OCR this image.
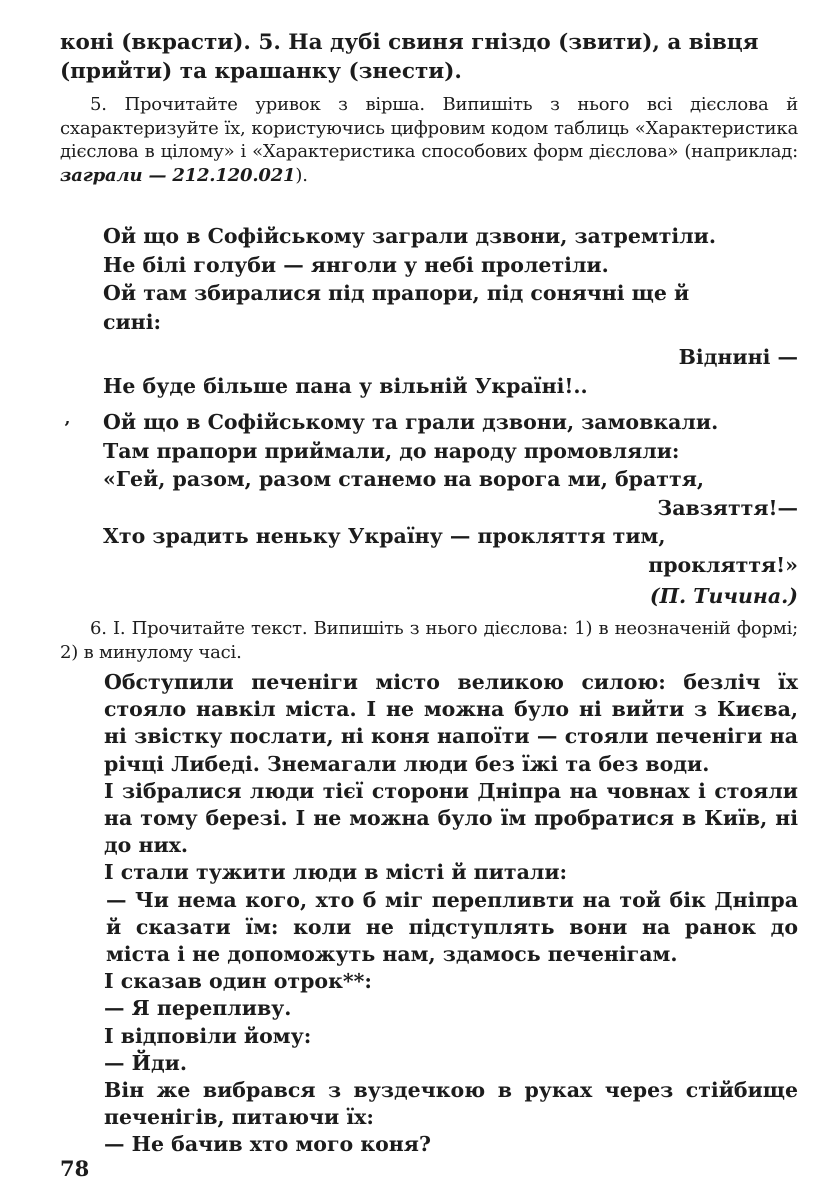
коні (вкрасти). 5. На дубі свиня гніздо (звити), а вівця
(прийти) та крашанку (знести).

5. Прочитайте уривок з вірша. Випишіть з нього всі дієслова й схарактеризуйте їх, користуючись цифровим кодом таблиць «Характеристика дієслова в цілому» і «Характеристика способових форм дієслова» (наприклад: заграли — 212.120.021).

Ой що в Софійському заграли дзвони, затремтіли.
Не білі голуби — янголи у небі пролетіли.
Ой там збиралися під прапори, під сонячні ще й
сині:
Віднині —
Не буде більше пана у вільній Україні!..
’ Ой що в Софійському та грали дзвони, замовкали.
Там прапори приймали, до народу промовляли:
«Гей, разом, разом станемо на ворога ми, браття,
Завзяття!—
Хто зрадить неньку Україну — прокляття тим,
прокляття!»
(П. Тичина.)

6. І. Прочитайте текст. Випишіть з нього дієслова: 1) в неозначеній формі; 2) в минулому часі.

Обступили печеніги місто великою силою: безліч їх стояло навкіл міста. І не можна було ні вийти з Києва, ні звістку послати, ні коня напоїти — стояли печеніги на річці Либеді. Знемагали люди без їжі та без води.
І зібралися люди тієї сторони Дніпра на човнах і стояли на тому березі. І не можна було їм пробратися в Київ, ні до них.
І стали тужити люди в місті й питали:
— Чи нема кого, хто б міг перепливти на той бік Дніпра й сказати їм: коли не підступлять вони на ранок до міста і не допоможуть нам, здамось печенігам.
І сказав один отрок**:
— Я перепливу.
І відповіли йому:
— Йди.
Він же вибрався з вуздечкою в руках через стійбище печенігів, питаючи їх:
— Не бачив хто мого коня?

78
